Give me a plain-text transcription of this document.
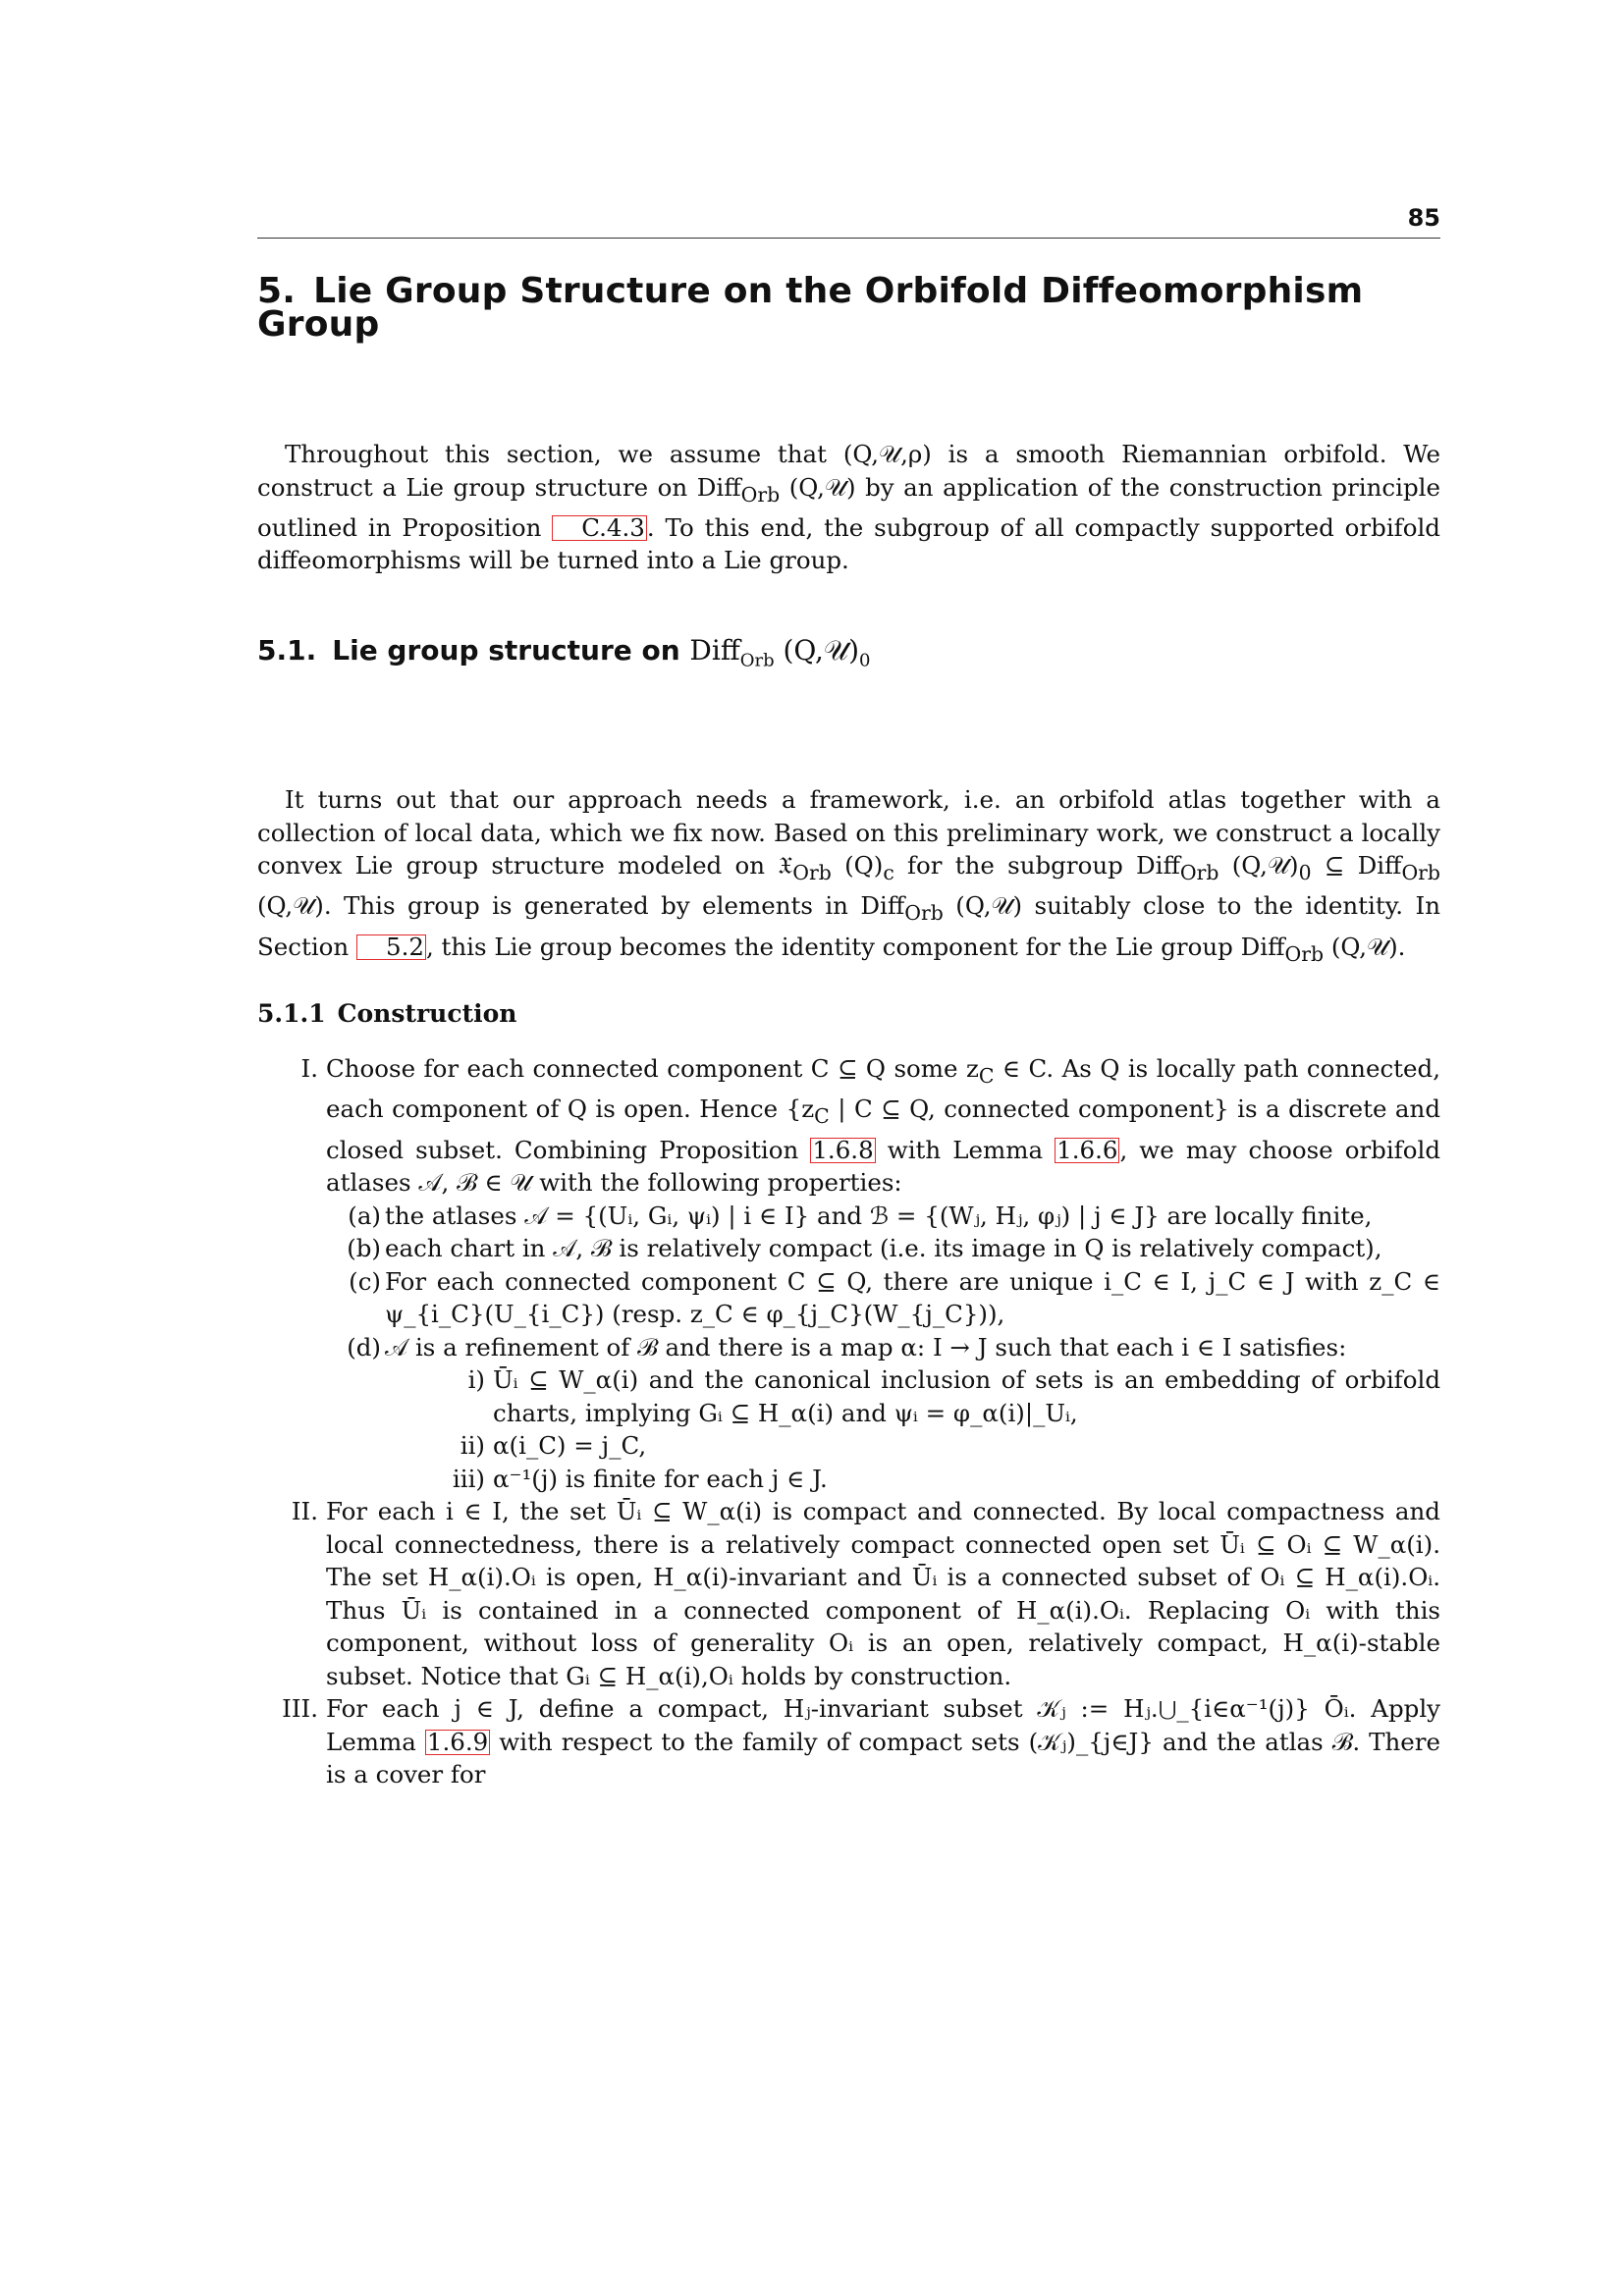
85
5. Lie Group Structure on the Orbifold Diffeomorphism Group

Throughout this section, we assume that (Q,𝒰,ρ) is a smooth Riemannian orbifold. We construct a Lie group structure on Diff$_{Orb}$ (Q,𝒰) by an application of the construction principle outlined in Proposition C.4.3. To this end, the subgroup of all compactly supported orbifold diffeomorphisms will be turned into a Lie group.

5.1. Lie group structure on Diff$_{Orb}$ $(Q,𝒰)_0$

It turns out that our approach needs a framework, i.e. an orbifold atlas together with a collection of local data, which we fix now. Based on this preliminary work, we construct a locally convex Lie group structure modeled on 𝔛$_{Orb}$ $(Q)_c$ for the subgroup Diff$_{Orb}$ $(Q,𝒰)_0$ ⊆ Diff$_{Orb}$ (Q,𝒰). This group is generated by elements in Diff$_{Orb}$ (Q,𝒰) suitably close to the identity. In Section 5.2, this Lie group becomes the identity component for the Lie group Diff$_{Orb}$ (Q,𝒰).

5.1.1 Construction
I. Choose for each connected component C ⊆ Q some $z_C$ ∈ C. As Q is locally path connected, each component of Q is open. Hence {$z_C$ | C ⊆ Q, connected component} is a discrete and closed subset. Combining Proposition 1.6.8 with Lemma 1.6.6, we may choose orbifold atlases 𝒜, ℬ ∈ 𝒰 with the following properties:
(a) the atlases 𝒜 = {(Uᵢ, Gᵢ, ψᵢ) | i ∈ I} and ℬ = {(Wⱼ, Hⱼ, φⱼ) | j ∈ J} are locally finite,
(b) each chart in 𝒜, ℬ is relatively compact (i.e. its image in Q is relatively compact),
(c) For each connected component C ⊆ Q, there are unique i_C ∈ I, j_C ∈ J with z_C ∈ ψ_{i_C}(U_{i_C}) (resp. z_C ∈ φ_{j_C}(W_{j_C})),
(d) 𝒜 is a refinement of ℬ and there is a map α: I → J such that each i ∈ I satisfies:
i) Ūᵢ ⊆ W_α(i) and the canonical inclusion of sets is an embedding of orbifold charts, implying Gᵢ ⊆ H_α(i) and ψᵢ = φ_α(i)|_Uᵢ,
ii) α(i_C) = j_C,
iii) α⁻¹(j) is finite for each j ∈ J.
II. For each i ∈ I, the set Ūᵢ ⊆ W_α(i) is compact and connected. By local compactness and local connectedness, there is a relatively compact connected open set Ūᵢ ⊆ Oᵢ ⊆ W_α(i). The set H_α(i).Oᵢ is open, H_α(i)-invariant and Ūᵢ is a connected subset of Oᵢ ⊆ H_α(i).Oᵢ. Thus Ūᵢ is contained in a connected component of H_α(i).Oᵢ. Replacing Oᵢ with this component, without loss of generality Oᵢ is an open, relatively compact, H_α(i)-stable subset. Notice that Gᵢ ⊆ H_α(i),Oᵢ holds by construction.
III. For each j ∈ J, define a compact, Hⱼ-invariant subset 𝒦ⱼ := Hⱼ.⋃_{i∈α⁻¹(j)} Ōᵢ. Apply Lemma 1.6.9 with respect to the family of compact sets (𝒦ⱼ)_{j∈J} and the atlas ℬ. There is a cover for
